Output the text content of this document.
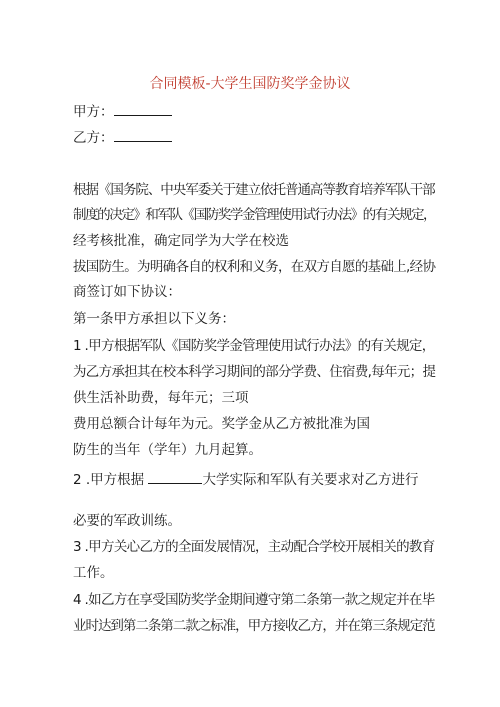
合同模板-大学生国防奖学金协议
甲方：
乙方：
根据《国务院、中央军委关于建立依托普通高等教育培养军队干部
制度的决定》和军队《国防奖学金管理使用试行办法》的有关规定，
经考核批准，确定同学为大学在校选
拔国防生。为明确各自的权利和义务，在双方自愿的基础上,经协
商签订如下协议：
第一条甲方承担以下义务：
1 .甲方根据军队《国防奖学金管理使用试行办法》的有关规定，
为乙方承担其在校本科学习期间的部分学费、住宿费,每年元；提
供生活补助费，每年元；三项
费用总额合计每年为元。奖学金从乙方被批准为国
防生的当年（学年）九月起算。
2 .甲方根据	大学实际和军队有关要求对乙方进行
必要的军政训练。
3 .甲方关心乙方的全面发展情况，主动配合学校开展相关的教育
工作。
4 .如乙方在享受国防奖学金期间遵守第二条第一款之规定并在毕
业时达到第二条第二款之标准，甲方接收乙方，并在第三条规定范
